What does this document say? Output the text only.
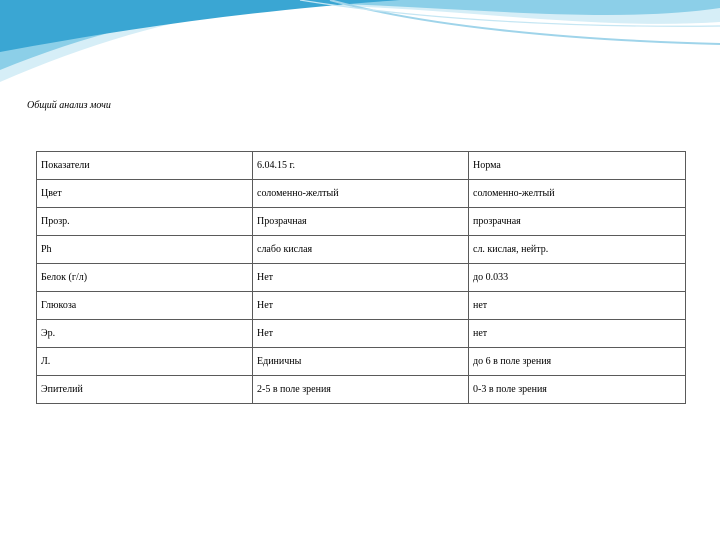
Общий анализ мочи
Показатели	6.04.15 г.	Норма
Цвет	соломенно-желтый	соломенно-желтый
Прозр.	Прозрачная	прозрачная
Ph	слабо кислая	сл. кислая, нейтр.
Белок (г/л)	Нет	до 0.033
Глюкоза	Нет	нет
Эр.	Нет	нет
Л.	Единичны	до 6 в поле зрения
Эпителий	2-5 в поле зрения	0-3 в поле зрения
